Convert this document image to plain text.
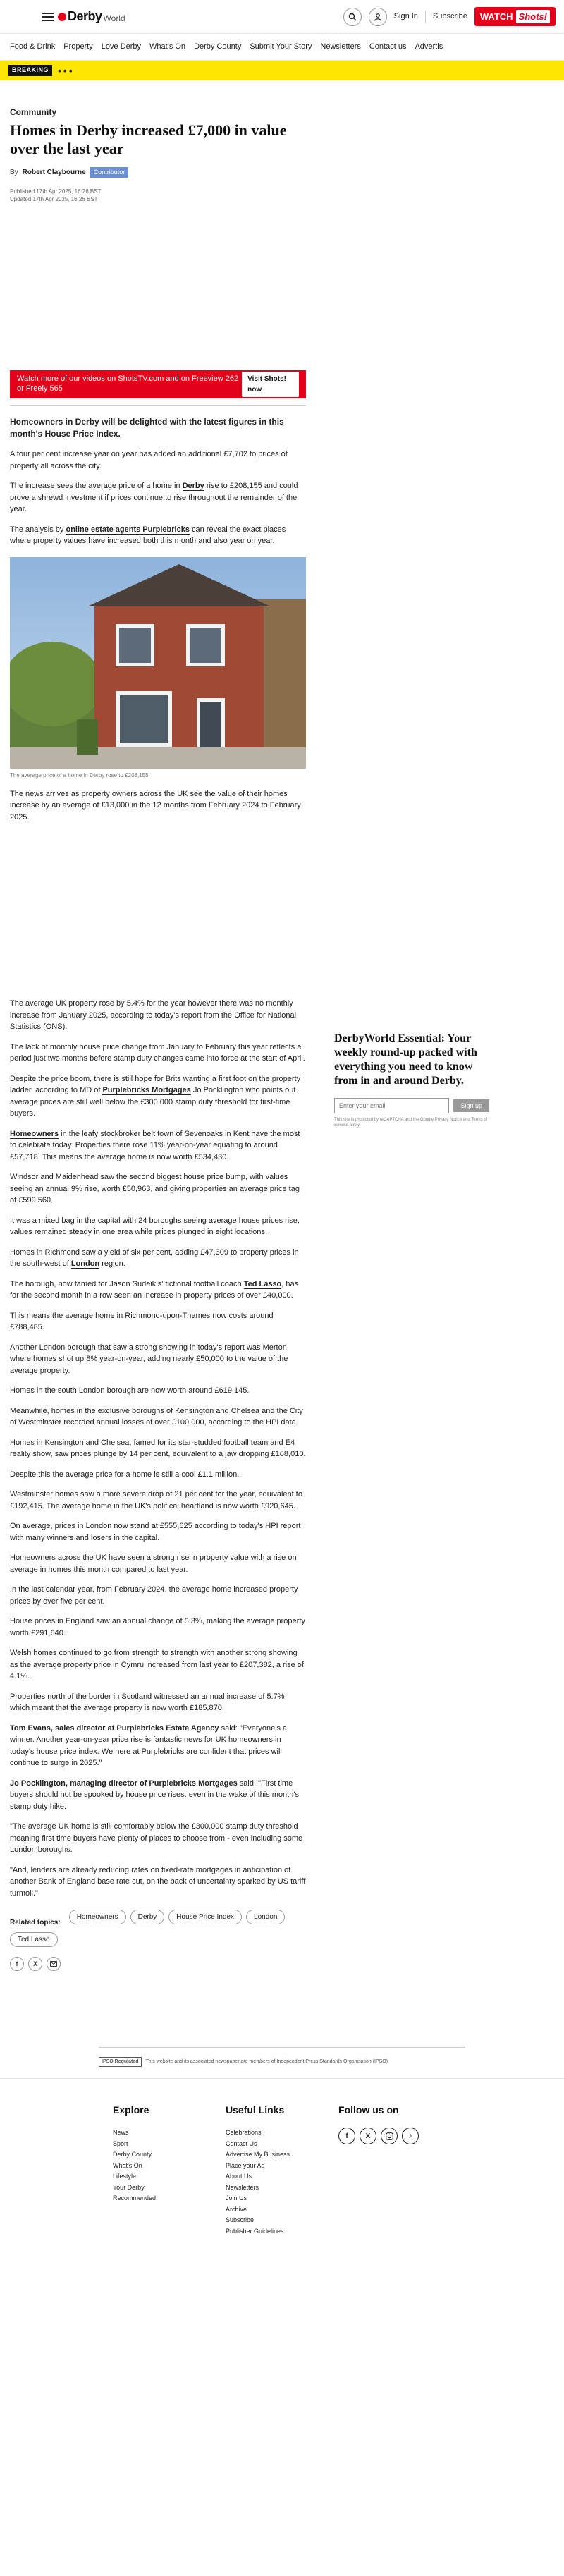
Derby World	Sign In Subscribe WATCH Shots!
Food & Drink Property Love Derby What's On Derby County Submit Your Story Newsletters Contact us Advertis
BREAKING •••
Community
Homes in Derby increased £7,000 in value over the last year
By Robert Claybourne	Contributor
Published 17th Apr 2025, 16:26 BST
Updated 17th Apr 2025, 16:26 BST
Watch more of our videos on ShotsTV.com and on Freeview 262 or Freely 565
Visit Shots! now

Homeowners in Derby will be delighted with the latest figures in this month's House Price Index.

A four per cent increase year on year has added an additional £7,702 to prices of property all across the city.

The increase sees the average price of a home in Derby rise to £208,155 and could prove a shrewd investment if prices continue to rise throughout the remainder of the year.

The analysis by online estate agents Purplebricks can reveal the exact places where property values have increased both this month and also year on year.

The average price of a home in Derby rose to £208,155

The news arrives as property owners across the UK see the value of their homes increase by an average of £13,000 in the 12 months from February 2024 to February 2025.

The average UK property rose by 5.4% for the year however there was no monthly increase from January 2025, according to today's report from the Office for National Statistics (ONS).

The lack of monthly house price change from January to February this year reflects a period just two months before stamp duty changes came into force at the start of April.

Despite the price boom, there is still hope for Brits wanting a first foot on the property ladder, according to MD of Purplebricks Mortgages Jo Pocklington who points out average prices are still well below the £300,000 stamp duty threshold for first-time buyers.

Homeowners in the leafy stockbroker belt town of Sevenoaks in Kent have the most to celebrate today. Properties there rose 11% year-on-year equating to around £57,718. This means the average home is now worth £534,430.

Windsor and Maidenhead saw the second biggest house price bump, with values seeing an annual 9% rise, worth £50,963, and giving properties an average price tag of £599,560.

It was a mixed bag in the capital with 24 boroughs seeing average house prices rise, values remained steady in one area while prices plunged in eight locations.

Homes in Richmond saw a yield of six per cent, adding £47,309 to property prices in the south-west of London region.

The borough, now famed for Jason Sudeikis' fictional football coach Ted Lasso, has for the second month in a row seen an increase in property prices of over £40,000.

This means the average home in Richmond-upon-Thames now costs around £788,485.

Another London borough that saw a strong showing in today's report was Merton where homes shot up 8% year-on-year, adding nearly £50,000 to the value of the average property.

Homes in the south London borough are now worth around £619,145.

Meanwhile, homes in the exclusive boroughs of Kensington and Chelsea and the City of Westminster recorded annual losses of over £100,000, according to the HPI data.

Homes in Kensington and Chelsea, famed for its star-studded football team and E4 reality show, saw prices plunge by 14 per cent, equivalent to a jaw dropping £168,010.

Despite this the average price for a home is still a cool £1.1 million.

Westminster homes saw a more severe drop of 21 per cent for the year, equivalent to £192,415. The average home in the UK's political heartland is now worth £920,645.

On average, prices in London now stand at £555,625 according to today's HPI report with many winners and losers in the capital.

Homeowners across the UK have seen a strong rise in property value with a rise on average in homes this month compared to last year.

In the last calendar year, from February 2024, the average home increased property prices by over five per cent.

House prices in England saw an annual change of 5.3%, making the average property worth £291,640.

Welsh homes continued to go from strength to strength with another strong showing as the average property price in Cymru increased from last year to £207,382, a rise of 4.1%.

Properties north of the border in Scotland witnessed an annual increase of 5.7% which meant that the average property is now worth £185,870.

Tom Evans, sales director at Purplebricks Estate Agency said: "Everyone's a winner. Another year-on-year price rise is fantastic news for UK homeowners in today's house price index. We here at Purplebricks are confident that prices will continue to surge in 2025."

Jo Pocklington, managing director of Purplebricks Mortgages said: "First time buyers should not be spooked by house price rises, even in the wake of this month's stamp duty hike.

"The average UK home is still comfortably below the £300,000 stamp duty threshold meaning first time buyers have plenty of places to choose from - even including some London boroughs.

"And, lenders are already reducing rates on fixed-rate mortgages in anticipation of another Bank of England base rate cut, on the back of uncertainty sparked by US tariff turmoil."

Related topics:
Homeowners	Derby	House Price Index	London
Ted Lasso
f	X
DerbyWorld Essential: Your weekly round-up packed with everything you need to know from in and around Derby.
Enter your email
Sign up

This site is protected by reCAPTCHA and the Google Privacy Notice and Terms of Service apply.

IPSO Regulated	This website and its associated newspaper are members of Independent Press Standards Organisation (IPSO)
Explore
News
Sport
Derby County
What's On
Lifestyle
Your Derby
Recommended
Useful Links
Celebrations
Contact Us
Advertise My Business
Place your Ad
About Us
Newsletters
Join Us
Archive
Subscribe
Publisher Guidelines
Follow us on
f	X	♪
